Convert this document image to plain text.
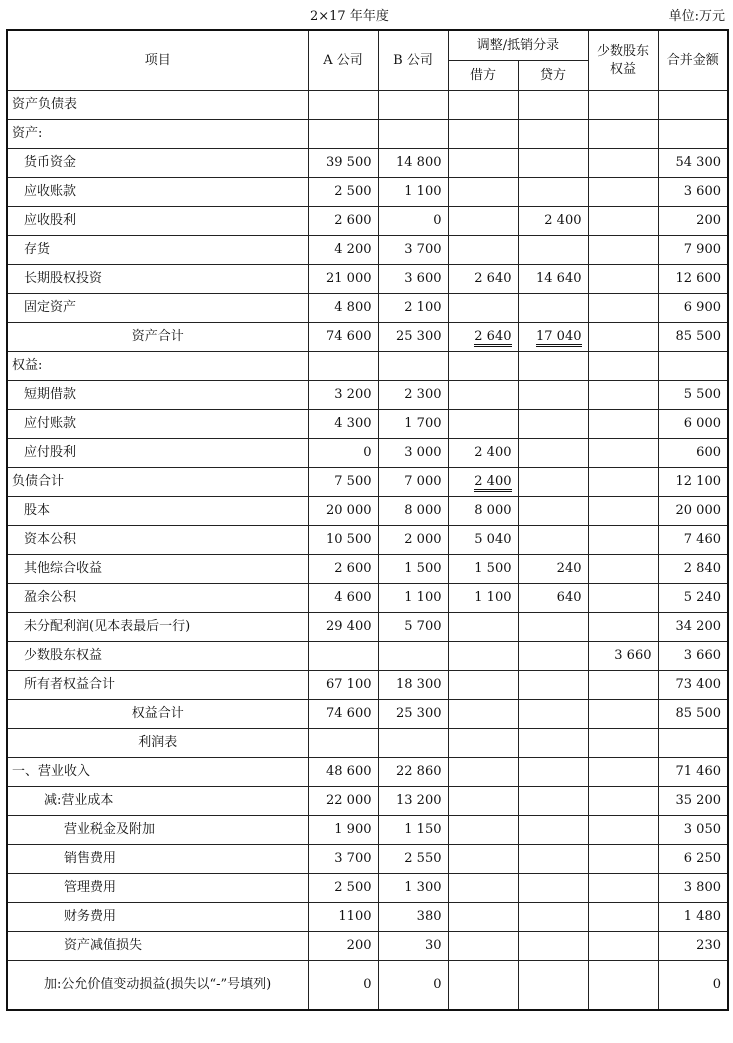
2×17 年年度	单位:万元
项目	A 公司	B 公司	调整/抵销分录		少数股东权益	合并金额
			借方	贷方		
资产负债表						
资产:						
货币资金	39 500	14 800				54 300
应收账款	2 500	1 100				3 600
应收股利	2 600	0		2 400		200
存货	4 200	3 700				7 900
长期股权投资	21 000	3 600	2 640	14 640		12 600
固定资产	4 800	2 100				6 900
资产合计	74 600	25 300	2 640	17 040		85 500
权益:						
短期借款	3 200	2 300				5 500
应付账款	4 300	1 700				6 000
应付股利	0	3 000	2 400			600
负债合计	7 500	7 000	2 400			12 100
股本	20 000	8 000	8 000			20 000
资本公积	10 500	2 000	5 040			7 460
其他综合收益	2 600	1 500	1 500	240		2 840
盈余公积	4 600	1 100	1 100	640		5 240
未分配利润(见本表最后一行)	29 400	5 700				34 200
少数股东权益					3 660	3 660
所有者权益合计	67 100	18 300				73 400
权益合计	74 600	25 300				85 500
利润表						
一、营业收入	48 600	22 860				71 460
减:营业成本	22 000	13 200				35 200
营业税金及附加	1 900	1 150				3 050
销售费用	3 700	2 550				6 250
管理费用	2 500	1 300				3 800
财务费用	1100	380				1 480
资产减值损失	200	30				230
加:公允价值变动损益(损失以“-”号填列)	0	0				0
